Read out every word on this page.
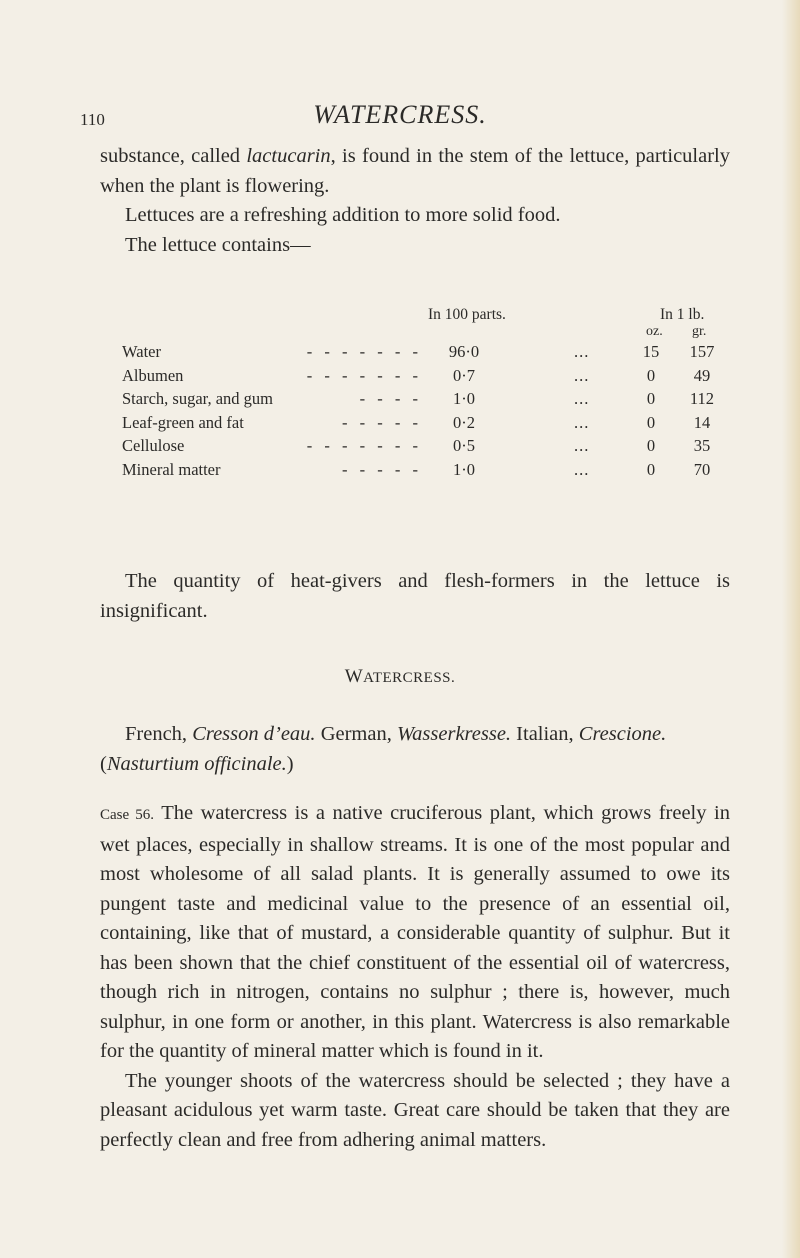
110	WATERCRESS.

substance, called lactucarin, is found in the stem of the lettuce, particularly when the plant is flowering.

Lettuces are a refreshing addition to more solid food.

The lettuce contains—

In 100 parts.	In 1 lb.
oz. gr.
Water	- - - - - - -	96·0	...	15	157
Albumen	- - - - - - -	0·7	...	0	49
Starch, sugar, and gum	- - - -	1·0	...	0	112
Leaf-green and fat	- - - - -	0·2	...	0	14
Cellulose	- - - - - - -	0·5	...	0	35
Mineral matter	- - - - -	1·0	...	0	70
The quantity of heat-givers and flesh-formers in the lettuce is insignificant.
WATERCRESS.

French, Cresson d’eau. German, Wasserkresse. Italian, Crescione.

(Nasturtium officinale.)

Case 56. The watercress is a native cruciferous plant, which grows freely in wet places, especially in shallow streams. It is one of the most popular and most wholesome of all salad plants. It is generally assumed to owe its pungent taste and medicinal value to the presence of an essential oil, containing, like that of mustard, a considerable quantity of sulphur. But it has been shown that the chief constituent of the essential oil of watercress, though rich in nitrogen, contains no sulphur ; there is, however, much sulphur, in one form or another, in this plant. Watercress is also remarkable for the quantity of mineral matter which is found in it.

The younger shoots of the watercress should be selected ; they have a pleasant acidulous yet warm taste. Great care should be taken that they are perfectly clean and free from adhering animal matters.
